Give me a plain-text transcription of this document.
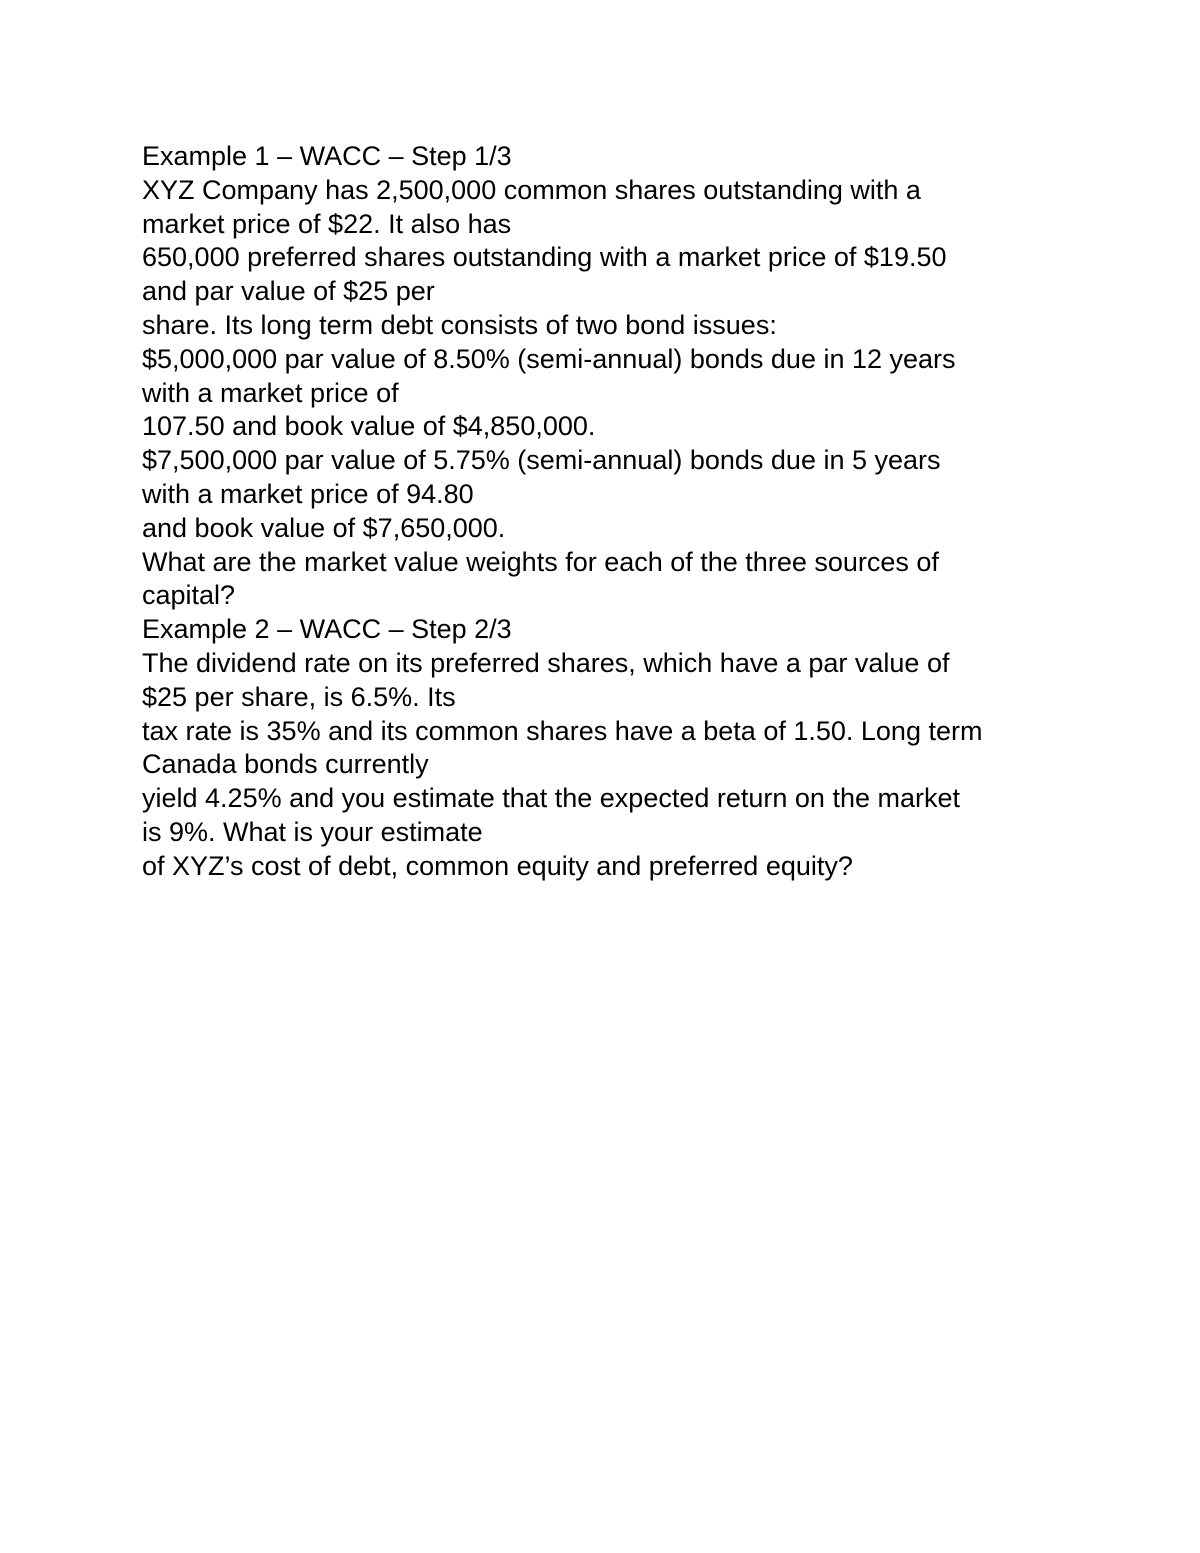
Example 1 – WACC – Step 1/3
XYZ Company has 2,500,000 common shares outstanding with a
market price of $22. It also has
650,000 preferred shares outstanding with a market price of $19.50
and par value of $25 per
share. Its long term debt consists of two bond issues:
$5,000,000 par value of 8.50% (semi-annual) bonds due in 12 years
with a market price of
107.50 and book value of $4,850,000.
$7,500,000 par value of 5.75% (semi-annual) bonds due in 5 years
with a market price of 94.80
and book value of $7,650,000.
What are the market value weights for each of the three sources of
capital?
Example 2 – WACC – Step 2/3
The dividend rate on its preferred shares, which have a par value of
$25 per share, is 6.5%. Its
tax rate is 35% and its common shares have a beta of 1.50. Long term
Canada bonds currently
yield 4.25% and you estimate that the expected return on the market
is 9%. What is your estimate
of XYZ’s cost of debt, common equity and preferred equity?
